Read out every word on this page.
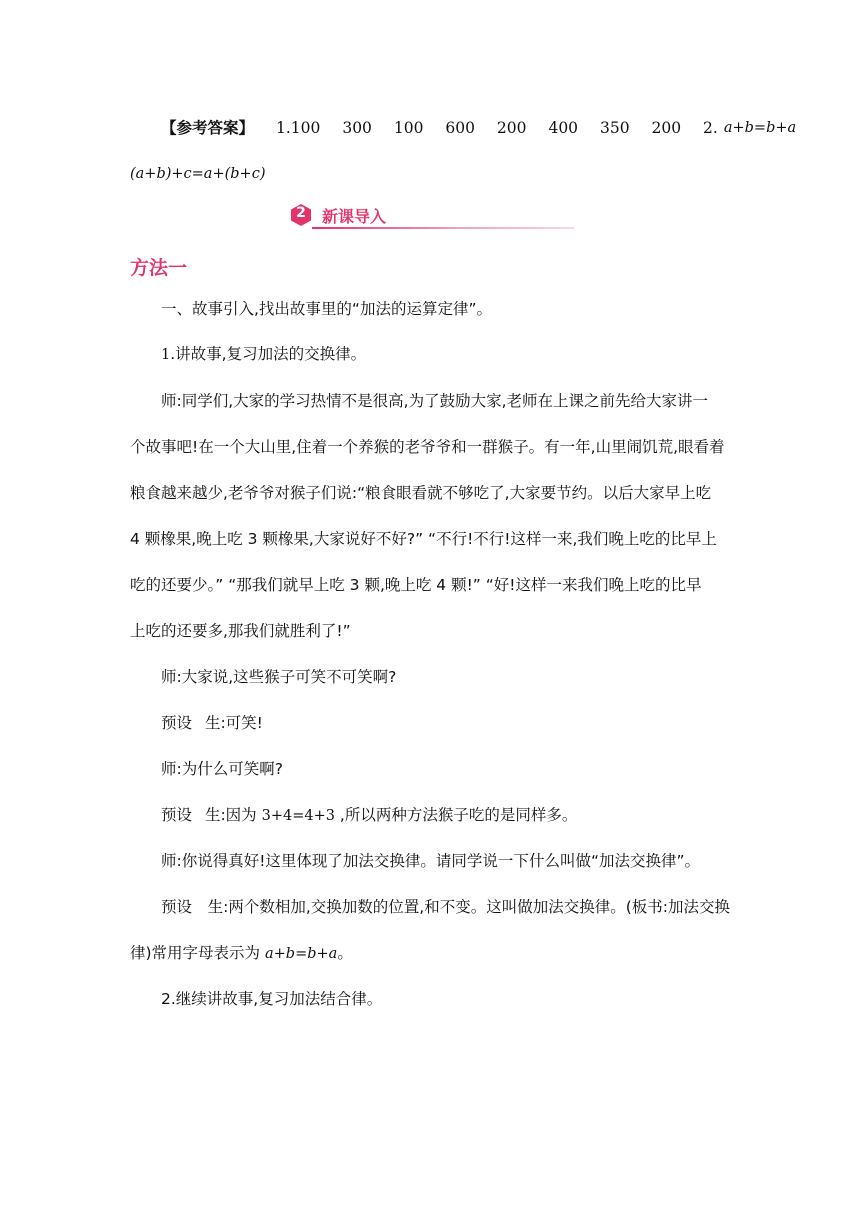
【参考答案】 1.100 300 100 600 200 400 350 200 2. a+b=b+a
(a+b)+c=a+(b+c)
2	新课导入
方法一
一、故事引入,找出故事里的“加法的运算定律”。
1.讲故事,复习加法的交换律。
师:同学们,大家的学习热情不是很高,为了鼓励大家,老师在上课之前先给大家讲一
个故事吧!在一个大山里,住着一个养猴的老爷爷和一群猴子。有一年,山里闹饥荒,眼看着
粮食越来越少,老爷爷对猴子们说:“粮食眼看就不够吃了,大家要节约。以后大家早上吃
4 颗橡果,晚上吃 3 颗橡果,大家说好不好?” “不行!不行!这样一来,我们晚上吃的比早上
吃的还要少。” “那我们就早上吃 3 颗,晚上吃 4 颗!” “好!这样一来我们晚上吃的比早
上吃的还要多,那我们就胜利了!”
师:大家说,这些猴子可笑不可笑啊?
预设 生:可笑!
师:为什么可笑啊?
预设 生:因为 3+4=4+3 ,所以两种方法猴子吃的是同样多。
师:你说得真好!这里体现了加法交换律。请同学说一下什么叫做“加法交换律”。
预设 生:两个数相加,交换加数的位置,和不变。这叫做加法交换律。(板书:加法交换
律)常用字母表示为 a+b=b+a。
2.继续讲故事,复习加法结合律。
